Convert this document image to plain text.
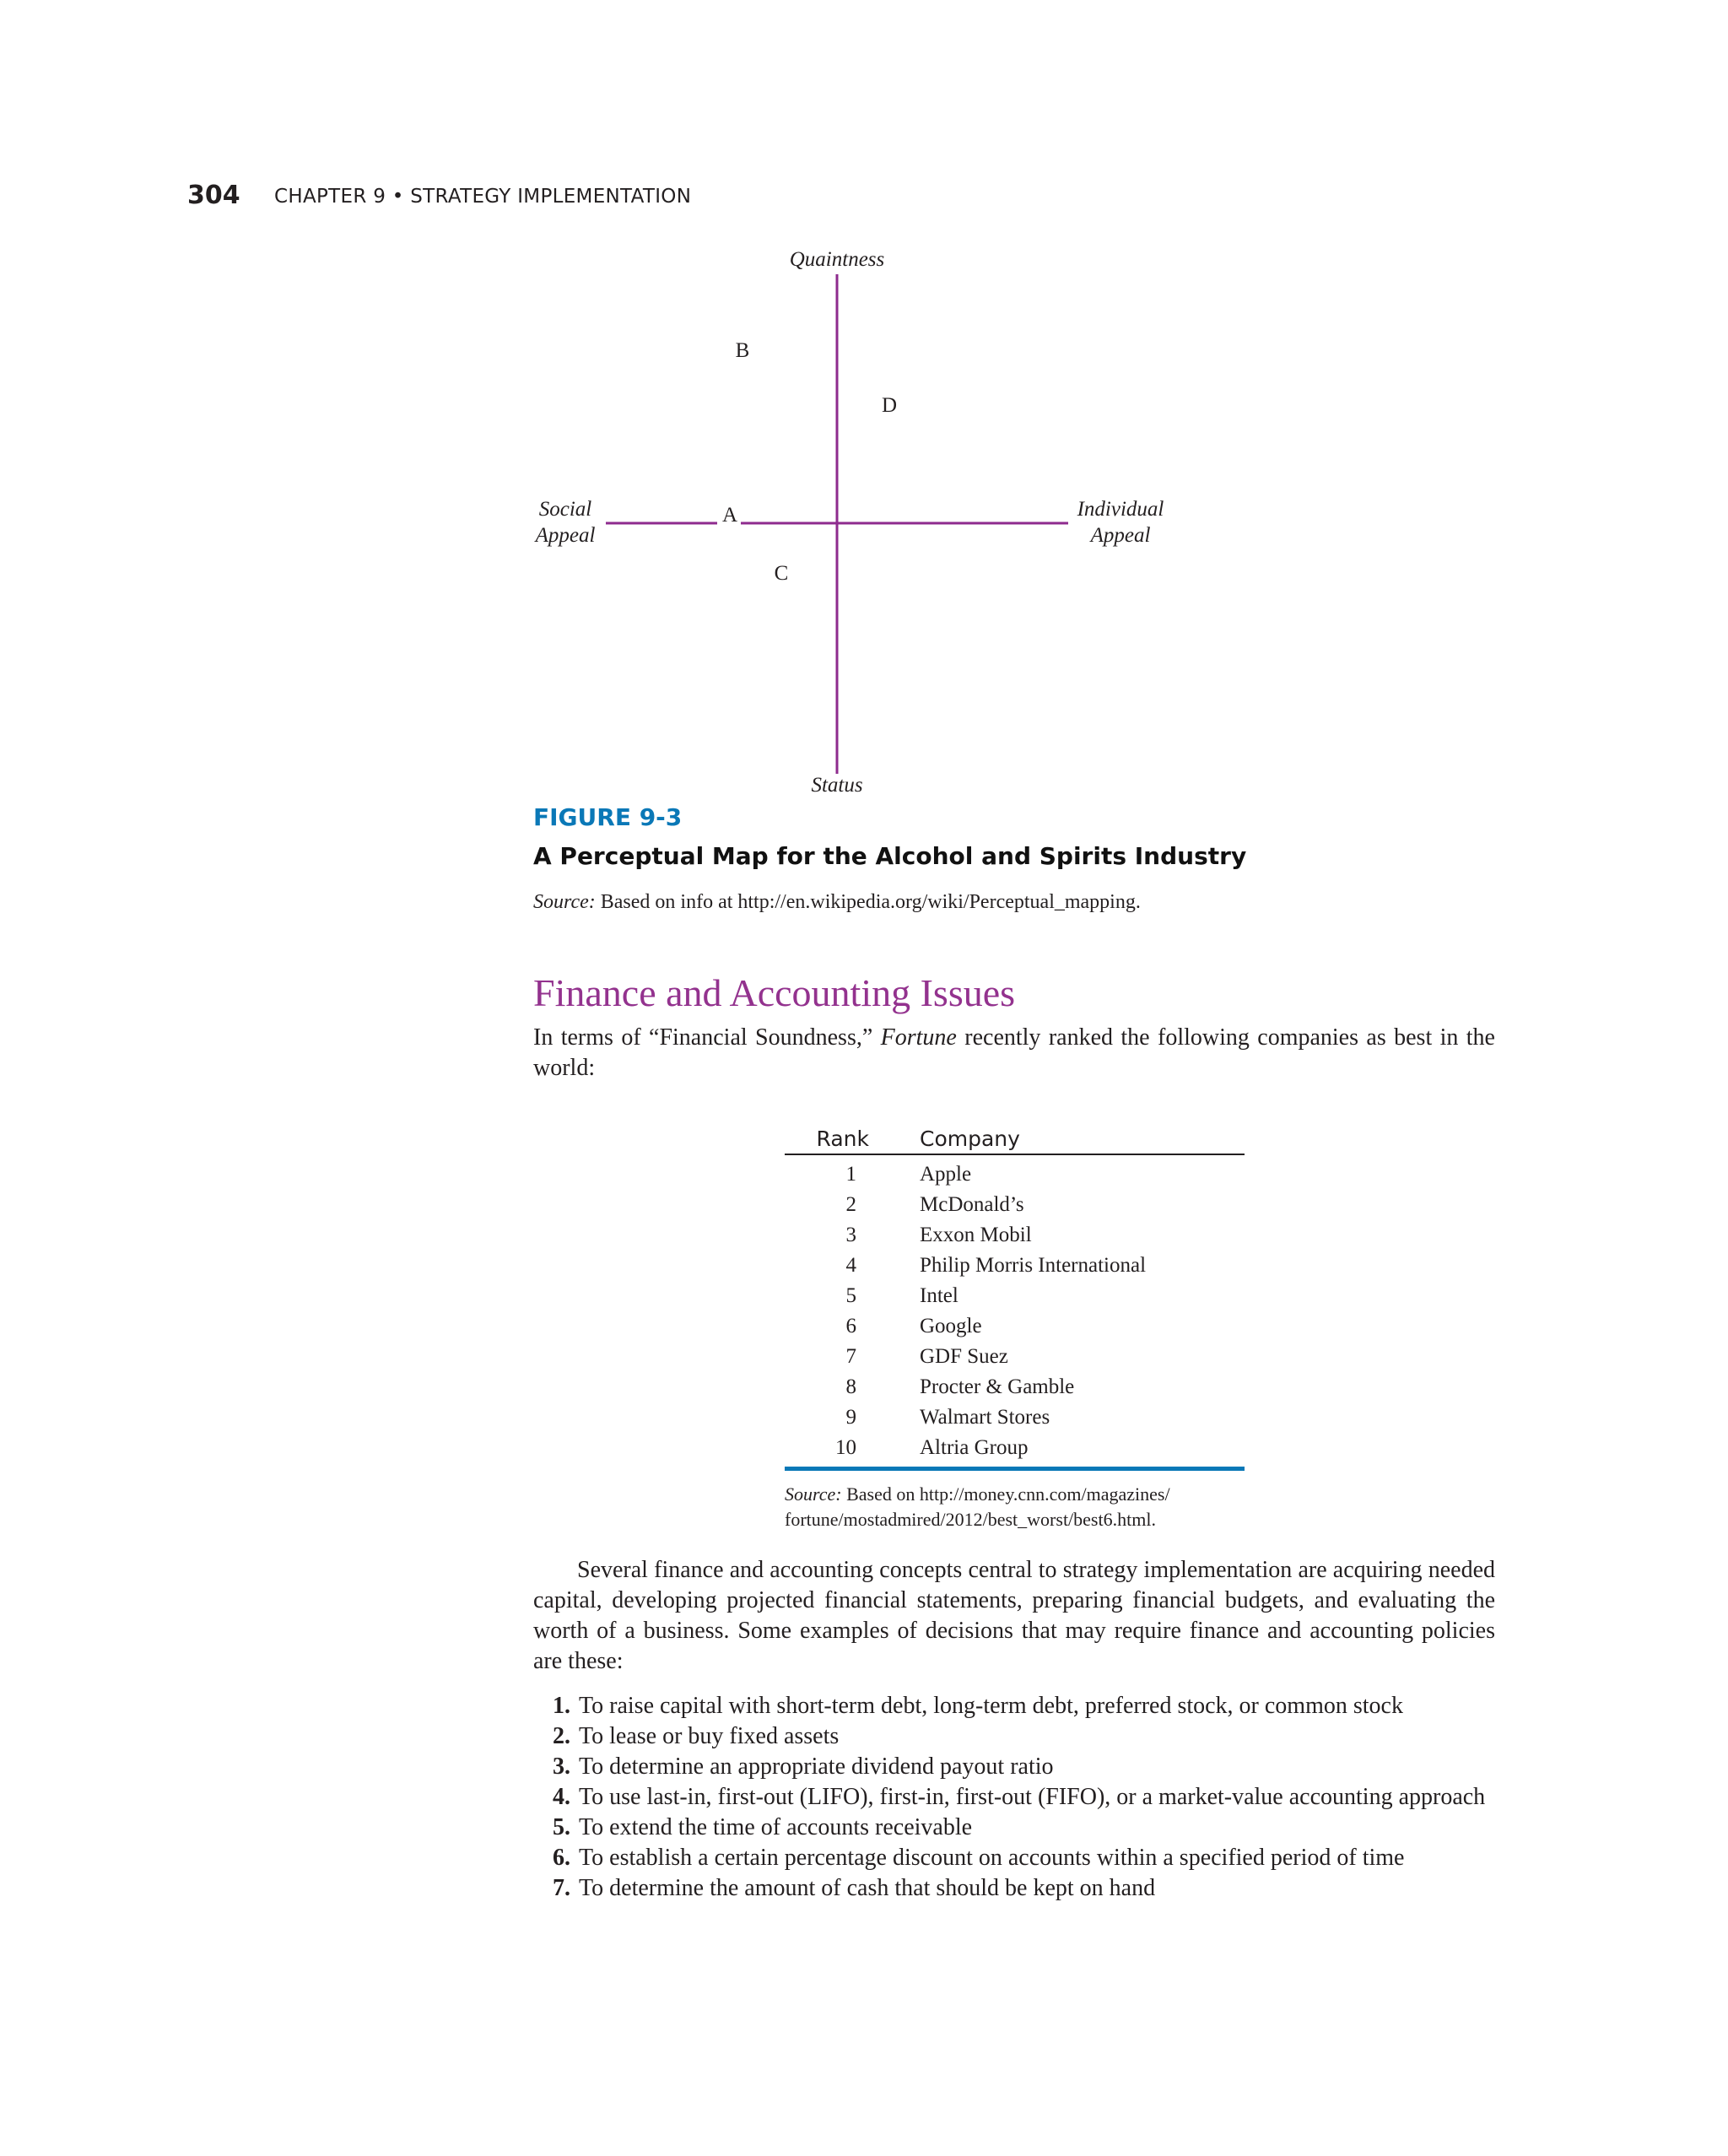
304 CHAPTER 9 • STRATEGY IMPLEMENTATION
Quaintness
Status
Social
Appeal
Individual
Appeal
A
B
C
D
FIGURE 9-3
A Perceptual Map for the Alcohol and Spirits Industry
Source: Based on info at http://en.wikipedia.org/wiki/Perceptual_mapping.
Finance and Accounting Issues
In terms of “Financial Soundness,” Fortune recently ranked the following companies as best in the world:
Rank Company
1	Apple
2	McDonald’s
3	Exxon Mobil
4	Philip Morris International
5	Intel
6	Google
7	GDF Suez
8	Procter & Gamble
9	Walmart Stores
10	Altria Group
Source: Based on http://money.cnn.com/magazines/
fortune/mostadmired/2012/best_worst/best6.html.
Several finance and accounting concepts central to strategy implementation are acquiring needed capital, developing projected financial statements, preparing financial budgets, and evaluating the worth of a business. Some examples of decisions that may require finance and accounting policies are these:
1. To raise capital with short-term debt, long-term debt, preferred stock, or common stock
2. To lease or buy fixed assets
3. To determine an appropriate dividend payout ratio
4. To use last-in, first-out (LIFO), first-in, first-out (FIFO), or a market-value accounting approach
5. To extend the time of accounts receivable
6. To establish a certain percentage discount on accounts within a specified period of time
7. To determine the amount of cash that should be kept on hand
